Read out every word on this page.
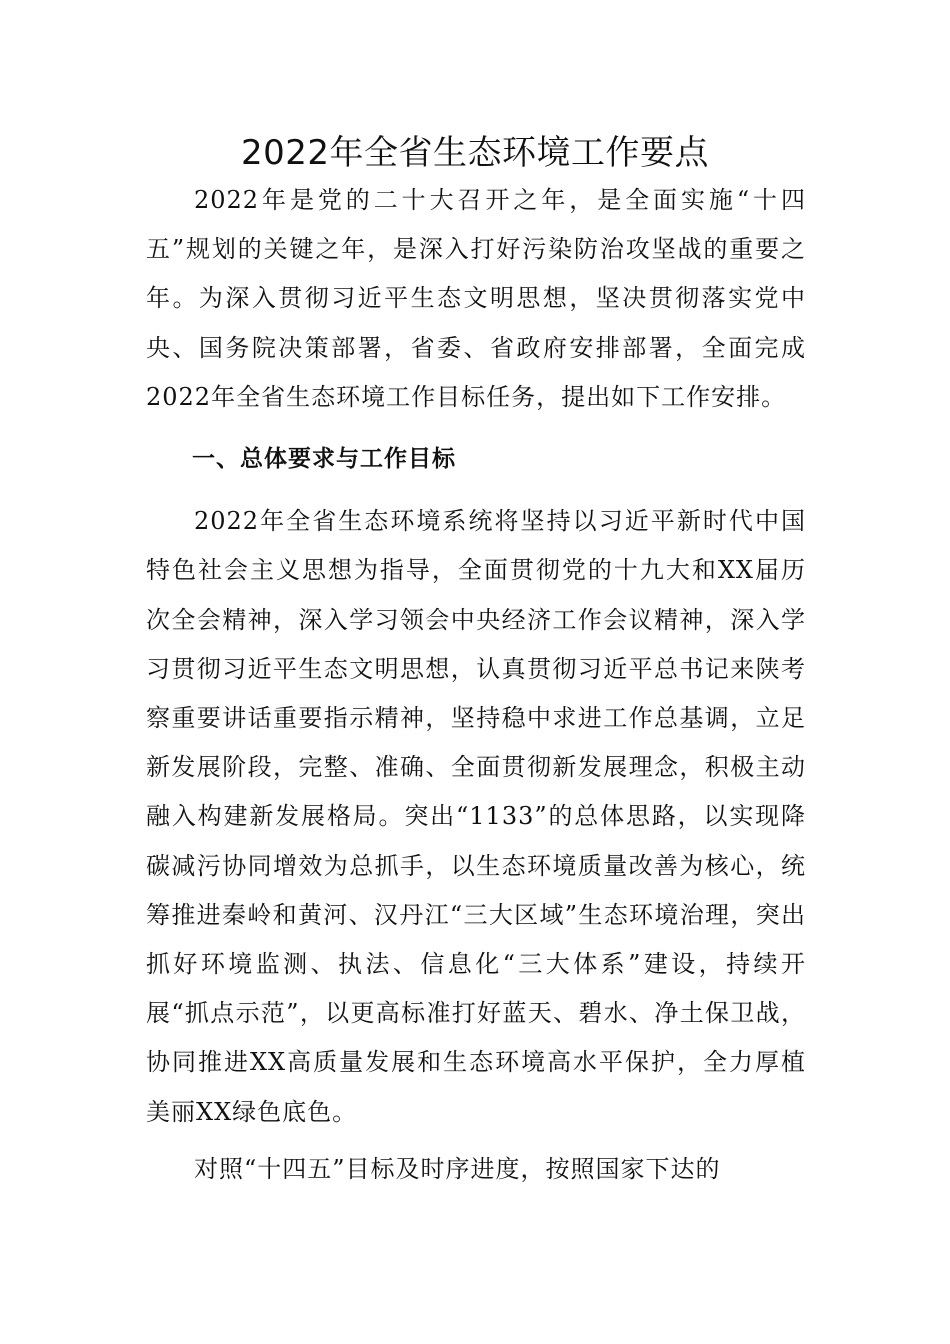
2022年全省生态环境工作要点

2022年是党的二十大召开之年，是全面实施“十四五”规划的关键之年，是深入打好污染防治攻坚战的重要之年。为深入贯彻习近平生态文明思想，坚决贯彻落实党中央、国务院决策部署，省委、省政府安排部署，全面完成2022年全省生态环境工作目标任务，提出如下工作安排。

一、总体要求与工作目标

2022年全省生态环境系统将坚持以习近平新时代中国特色社会主义思想为指导，全面贯彻党的十九大和XX届历次全会精神，深入学习领会中央经济工作会议精神，深入学习贯彻习近平生态文明思想，认真贯彻习近平总书记来陕考察重要讲话重要指示精神，坚持稳中求进工作总基调，立足新发展阶段，完整、准确、全面贯彻新发展理念，积极主动融入构建新发展格局。突出“1133”的总体思路，以实现降碳减污协同增效为总抓手，以生态环境质量改善为核心，统筹推进秦岭和黄河、汉丹江“三大区域”生态环境治理，突出抓好环境监测、执法、信息化“三大体系”建设，持续开展“抓点示范”，以更高标准打好蓝天、碧水、净土保卫战，协同推进XX高质量发展和生态环境高水平保护，全力厚植美丽XX绿色底色。

对照“十四五”目标及时序进度，按照国家下达的
